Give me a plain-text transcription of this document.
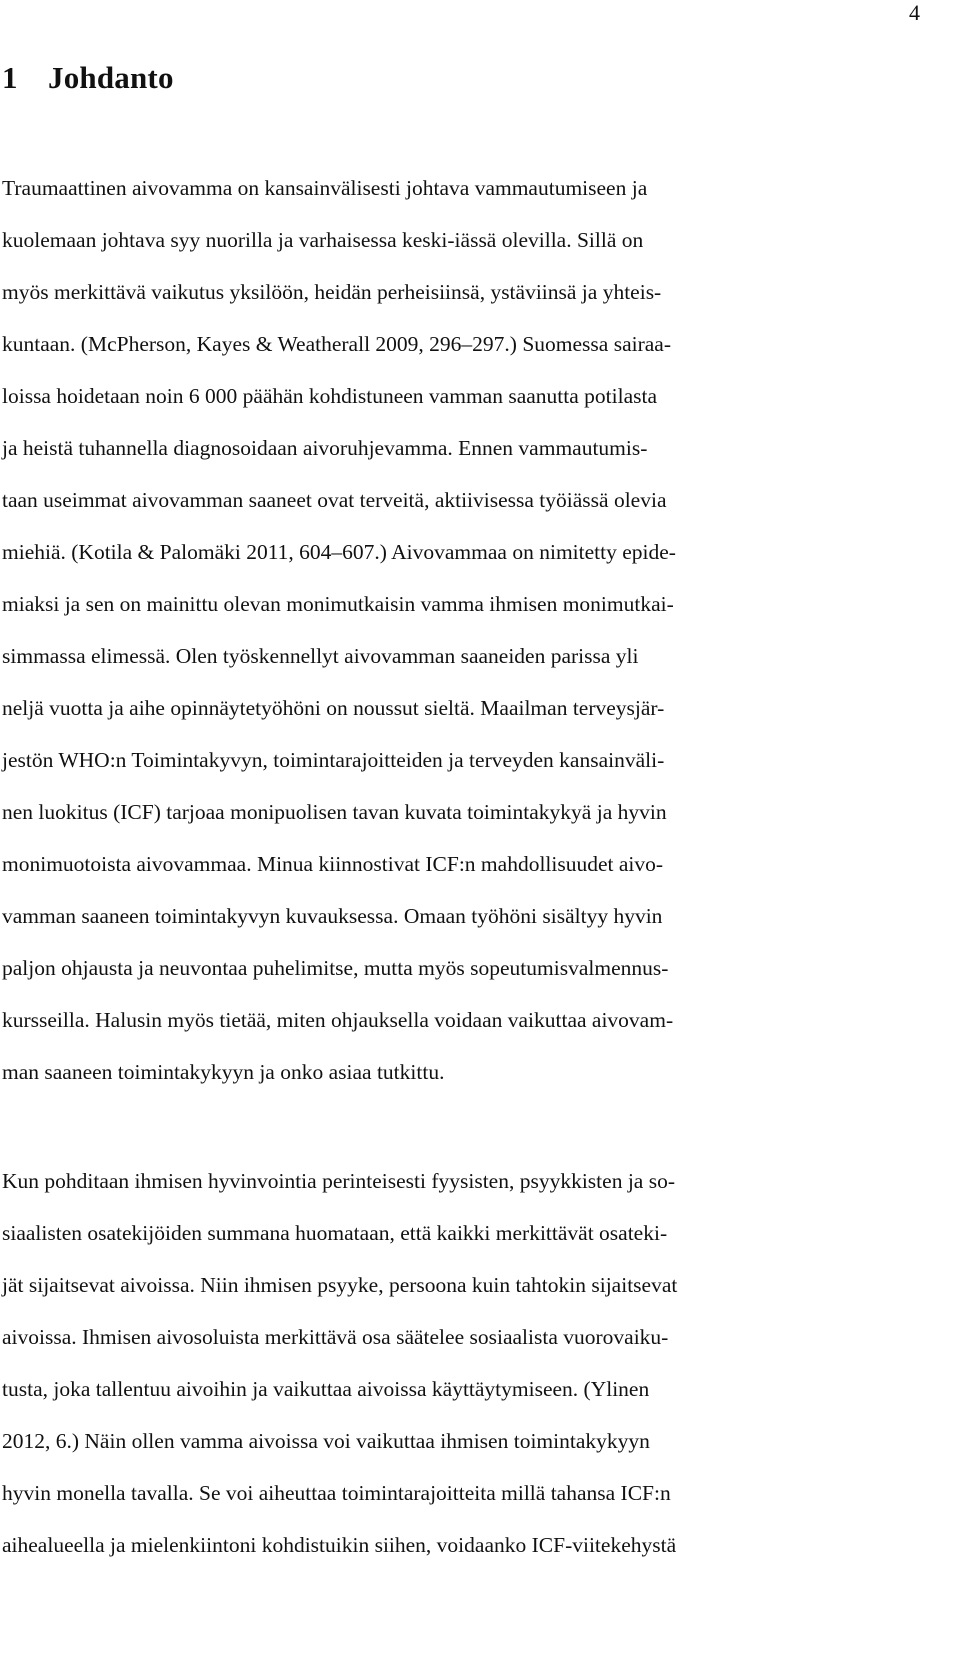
4
1 Johdanto

Traumaattinen aivovamma on kansainvälisesti johtava vammautumiseen ja
kuolemaan johtava syy nuorilla ja varhaisessa keski-iässä olevilla. Sillä on
myös merkittävä vaikutus yksilöön, heidän perheisiinsä, ystäviinsä ja yhteis-
kuntaan. (McPherson, Kayes & Weatherall 2009, 296–297.) Suomessa sairaa-
loissa hoidetaan noin 6 000 päähän kohdistuneen vamman saanutta potilasta
ja heistä tuhannella diagnosoidaan aivoruhjevamma. Ennen vammautumis-
taan useimmat aivovamman saaneet ovat terveitä, aktiivisessa työiässä olevia
miehiä. (Kotila & Palomäki 2011, 604–607.) Aivovammaa on nimitetty epide-
miaksi ja sen on mainittu olevan monimutkaisin vamma ihmisen monimutkai-
simmassa elimessä. Olen työskennellyt aivovamman saaneiden parissa yli
neljä vuotta ja aihe opinnäytetyöhöni on noussut sieltä. Maailman terveysjär-
jestön WHO:n Toimintakyvyn, toimintarajoitteiden ja terveyden kansainväli-
nen luokitus (ICF) tarjoaa monipuolisen tavan kuvata toimintakykyä ja hyvin
monimuotoista aivovammaa. Minua kiinnostivat ICF:n mahdollisuudet aivo-
vamman saaneen toimintakyvyn kuvauksessa. Omaan työhöni sisältyy hyvin
paljon ohjausta ja neuvontaa puhelimitse, mutta myös sopeutumisvalmennus-
kursseilla. Halusin myös tietää, miten ohjauksella voidaan vaikuttaa aivovam-
man saaneen toimintakykyyn ja onko asiaa tutkittu.

Kun pohditaan ihmisen hyvinvointia perinteisesti fyysisten, psyykkisten ja so-
siaalisten osatekijöiden summana huomataan, että kaikki merkittävät osateki-
jät sijaitsevat aivoissa. Niin ihmisen psyyke, persoona kuin tahtokin sijaitsevat
aivoissa. Ihmisen aivosoluista merkittävä osa säätelee sosiaalista vuorovaiku-
tusta, joka tallentuu aivoihin ja vaikuttaa aivoissa käyttäytymiseen. (Ylinen
2012, 6.) Näin ollen vamma aivoissa voi vaikuttaa ihmisen toimintakykyyn
hyvin monella tavalla. Se voi aiheuttaa toimintarajoitteita millä tahansa ICF:n
aihealueella ja mielenkiintoni kohdistuikin siihen, voidaanko ICF-viitekehystä
